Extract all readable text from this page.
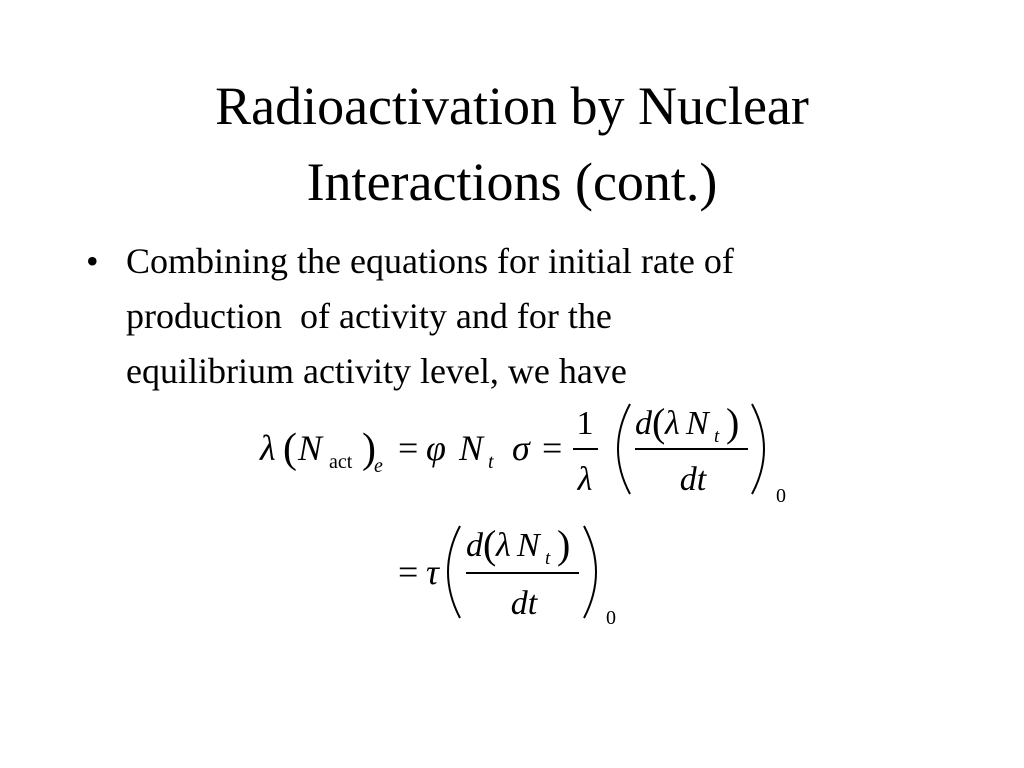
Radioactivation by Nuclear
Interactions (cont.)
• Combining the equations for initial rate of
production  of activity and for the
equilibrium activity level, we have
λ ( N act )
e = φ N t σ =
1
λ
d ( λ N t )
dt	0
= τ
d ( λ N t )
dt	0
